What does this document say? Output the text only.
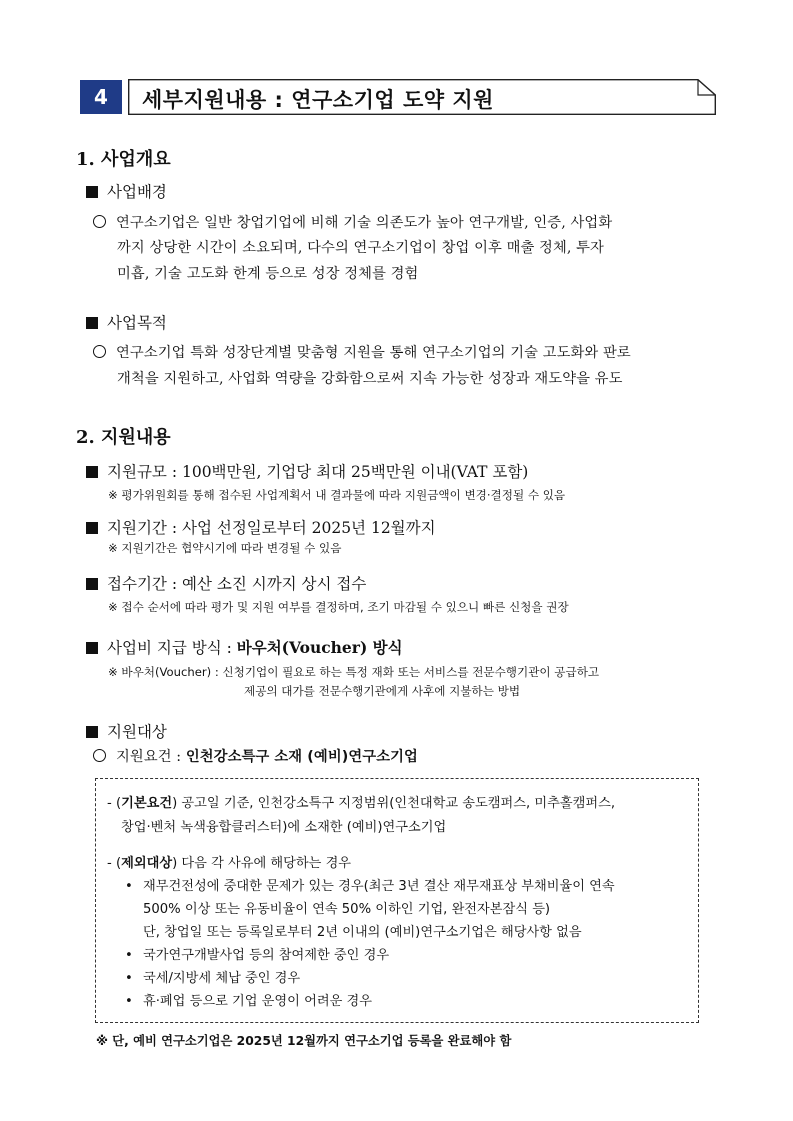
4	세부지원내용 : 연구소기업 도약 지원
1. 사업개요
사업배경
연구소기업은 일반 창업기업에 비해 기술 의존도가 높아 연구개발, 인증, 사업화
까지 상당한 시간이 소요되며, 다수의 연구소기업이 창업 이후 매출 정체, 투자
미흡, 기술 고도화 한계 등으로 성장 정체를 경험
사업목적
연구소기업 특화 성장단계별 맞춤형 지원을 통해 연구소기업의 기술 고도화와 판로
개척을 지원하고, 사업화 역량을 강화함으로써 지속 가능한 성장과 재도약을 유도
2. 지원내용
지원규모 : 100백만원, 기업당 최대 25백만원 이내(VAT 포함)
※ 평가위원회를 통해 접수된 사업계획서 내 결과물에 따라 지원금액이 변경·결정될 수 있음
지원기간 : 사업 선정일로부터 2025년 12월까지
※ 지원기간은 협약시기에 따라 변경될 수 있음
접수기간 : 예산 소진 시까지 상시 접수
※ 접수 순서에 따라 평가 및 지원 여부를 결정하며, 조기 마감될 수 있으니 빠른 신청을 권장
사업비 지급 방식 : 바우처(Voucher) 방식
※ 바우처(Voucher) : 신청기업이 필요로 하는 특정 재화 또는 서비스를 전문수행기관이 공급하고
제공의 대가를 전문수행기관에게 사후에 지불하는 방법
지원대상
지원요건 : 인천강소특구 소재 (예비)연구소기업
- (기본요건) 공고일 기준, 인천강소특구 지정범위(인천대학교 송도캠퍼스, 미추홀캠퍼스,
창업·벤처 녹색융합클러스터)에 소재한 (예비)연구소기업
- (제외대상) 다음 각 사유에 해당하는 경우
• 재무건전성에 중대한 문제가 있는 경우(최근 3년 결산 재무재표상 부채비율이 연속
500% 이상 또는 유동비율이 연속 50% 이하인 기업, 완전자본잠식 등)
단, 창업일 또는 등록일로부터 2년 이내의 (예비)연구소기업은 해당사항 없음
• 국가연구개발사업 등의 참여제한 중인 경우
• 국세/지방세 체납 중인 경우
• 휴·폐업 등으로 기업 운영이 어려운 경우
※ 단, 예비 연구소기업은 2025년 12월까지 연구소기업 등록을 완료해야 함
